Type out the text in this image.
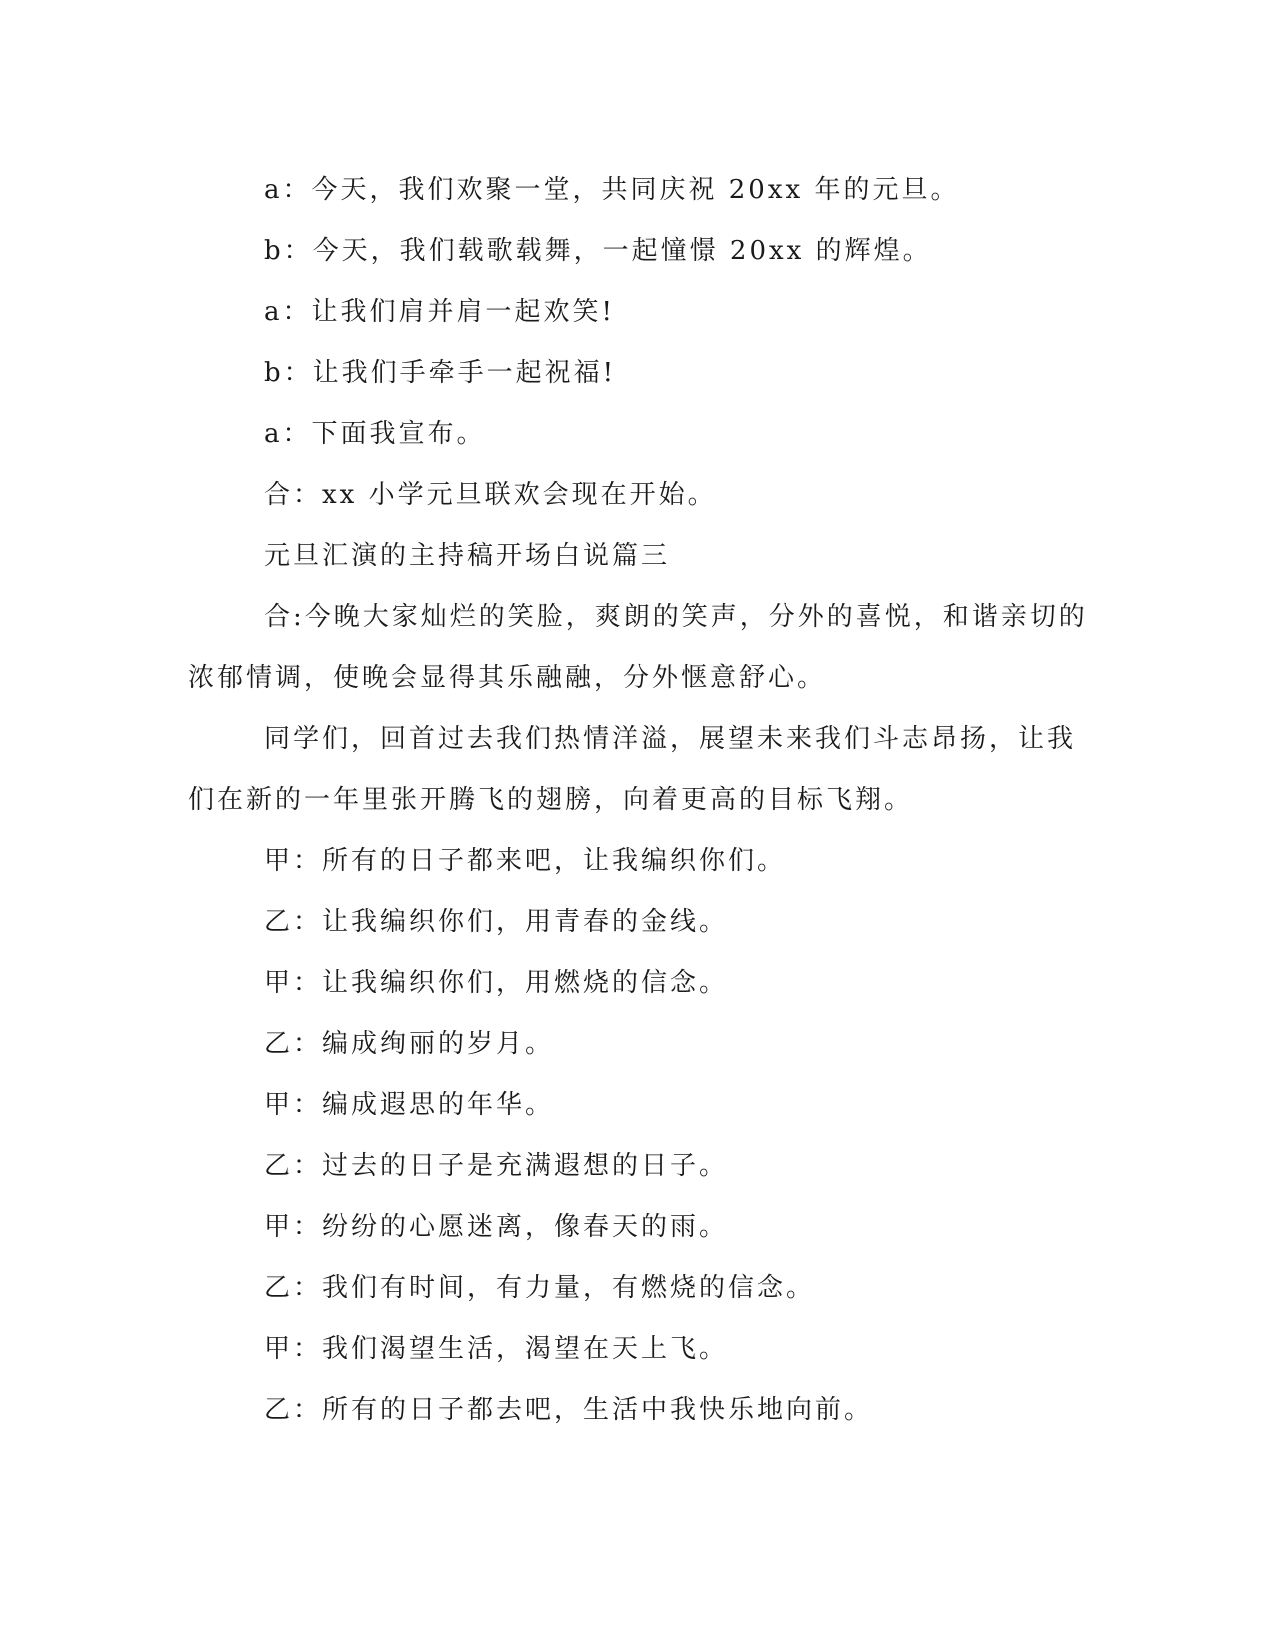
a：今天，我们欢聚一堂，共同庆祝 20xx 年的元旦。

b：今天，我们载歌载舞，一起憧憬 20xx 的辉煌。

a：让我们肩并肩一起欢笑!

b：让我们手牵手一起祝福!

a：下面我宣布。

合：xx 小学元旦联欢会现在开始。

元旦汇演的主持稿开场白说篇三

合:今晚大家灿烂的笑脸，爽朗的笑声，分外的喜悦，和谐亲切的浓郁情调，使晚会显得其乐融融，分外惬意舒心。

同学们，回首过去我们热情洋溢，展望未来我们斗志昂扬，让我们在新的一年里张开腾飞的翅膀，向着更高的目标飞翔。

甲：所有的日子都来吧，让我编织你们。

乙：让我编织你们，用青春的金线。

甲：让我编织你们，用燃烧的信念。

乙：编成绚丽的岁月。

甲：编成遐思的年华。

乙：过去的日子是充满遐想的日子。

甲：纷纷的心愿迷离，像春天的雨。

乙：我们有时间，有力量，有燃烧的信念。

甲：我们渴望生活，渴望在天上飞。

乙：所有的日子都去吧，生活中我快乐地向前。
